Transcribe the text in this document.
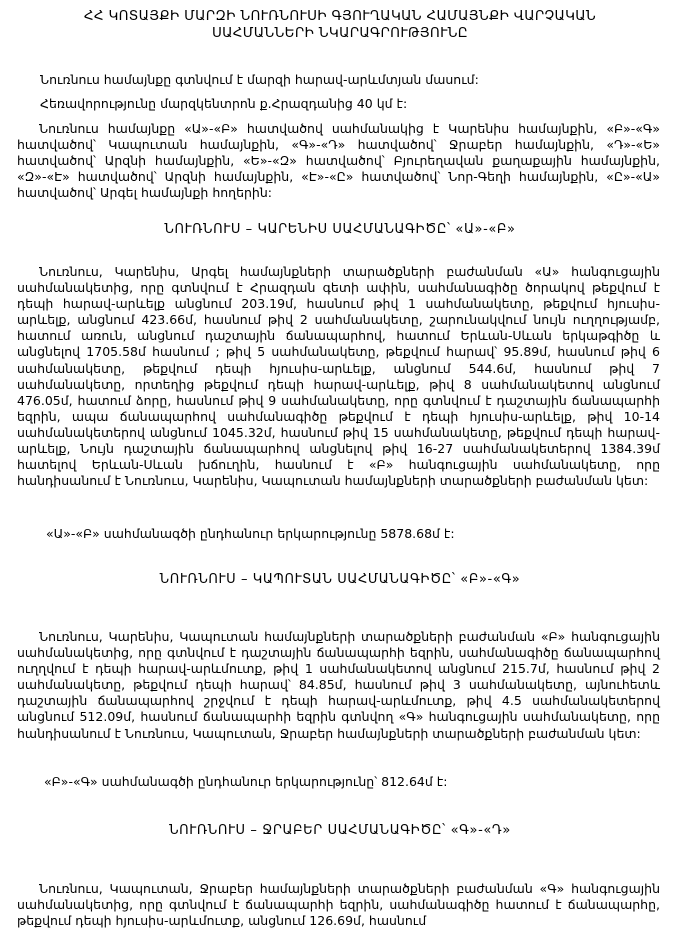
ՀՀ ԿՈՏԱՅՔԻ ՄԱՐԶԻ ՆՈՒՌՆՈՒՍԻ ԳՅՈՒՂԱԿԱՆ ՀԱՄԱՅՆՔԻ ՎԱՐՉԱԿԱՆ ՍԱՀՄԱՆՆԵՐԻ ՆԿԱՐԱԳՐՈՒԹՅՈՒՆԸ
Նուռնուս համայնքը գտնվում է մարզի հարավ-արևմտյան մասում:
Հեռավորությունը մարզկենտրոն ք.Հրազդանից 40 կմ է:
Նուռնուս համայնքը «Ա»-«Բ» հատվածով սահմանակից է Կարենիս համայնքին, «Բ»-«Գ» հատվածով՝ Կապուտան համայնքին, «Գ»-«Դ» հատվածով՝ Ջրաբեր համայնքին, «Դ»-«Ե» հատվածով՝ Արզնի համայնքին, «Ե»-«Զ» հատվածով՝ Բյուրեղավան քաղաքային համայնքին, «Զ»-«Է» հատվածով՝ Արզնի համայնքին, «Է»-«Ը» հատվածով՝ Նոր-Գեղի համայնքին, «Ը»-«Ա» հատվածով՝ Արգել համայնքի հողերին:
ՆՈՒՌՆՈՒՍ – ԿԱՐԵՆԻՍ ՍԱՀՄԱՆԱԳԻԾԸ՝ «Ա»-«Բ»
Նուռնուս, Կարենիս, Արգել համայնքների տարածքների բաժանման «Ա» հանգուցային սահմանակետից, որը գտնվում է Հրազդան գետի ափին, սահմանագիծը ծորակով թեքվում է դեպի հարավ-արևելք անցնում 203.19մ, հասնում թիվ 1 սահմանակետը, թեքվում հյուսիս-արևելք, անցնում 423.66մ, հասնում թիվ 2 սահմանակետը, շարունակվում նույն ուղղությամբ, հատում առուն, անցնում դաշտային ճանապարհով, հատում Երևան-Սևան երկաթգիծը և անցնելով 1705.58մ հասնում ; թիվ 5 սահմանակետը, թեքվում հարավ՝ 95.89մ, հասնում թիվ 6 սահմանակետը, թեքվում դեպի հյուսիս-արևելք, անցնում 544.6մ, հասնում թիվ 7 սահմանակետը, որտեղից թեքվում դեպի հարավ-արևելք, թիվ 8 սահմանակետով անցնում 476.05մ, հատում ձորը, հասնում թիվ 9 սահմանակետը, որը գտնվում է դաշտային ճանապարհի եզրին, ապա ճանապարհով սահմանագիծը թեքվում է դեպի հյուսիս-արևելք, թիվ 10-14 սահմանակետերով անցնում 1045.32մ, հասնում թիվ 15 սահմանակետը, թեքվում դեպի հարավ-արևելք, Նույն դաշտային ճանապարհով անցնելով թիվ 16-27 սահմանակետերով 1384.39մ հատելով Երևան-Սևան խճուղին, հասնում է «Բ» հանգուցային սահմանակետը, որը հանդիսանում է Նուռնուս, Կարենիս, Կապուտան համայնքների տարածքների բաժանման կետ:
«Ա»-«Բ» սահմանագծի ընդհանուր երկարությունը 5878.68մ է:
ՆՈՒՌՆՈՒՍ – ԿԱՊՈՒՏԱՆ ՍԱՀՄԱՆԱԳԻԾԸ՝ «Բ»-«Գ»
Նուռնուս, Կարենիս, Կապուտան համայնքների տարածքների բաժանման «Բ» հանգուցային սահմանակետից, որը գտնվում է դաշտային ճանապարհի եզրին, սահմանագիծը ճանապարհով ուղղվում է դեպի հարավ-արևմուտք, թիվ 1 սահմանակետով անցնում 215.7մ, հասնում թիվ 2 սահմանակետը, թեքվում դեպի հարավ՝ 84.85մ, հասնում թիվ 3 սահմանակետը, այնուհետև դաշտային ճանապարհով շրջվում է դեպի հարավ-արևմուտք, թիվ 4.5 սահմանակետերով անցնում 512.09մ, հասնում ճանապարհի եզրին գտնվող «Գ» հանգուցային սահմանակետը, որը հանդիսանում է Նուռնուս, Կապուտան, Ջրաբեր համայնքների տարածքների բաժանման կետ:
«Բ»-«Գ» սահմանագծի ընդհանուր երկարությունը՝ 812.64մ է:
ՆՈՒՌՆՈՒՍ – ՋՐԱԲԵՐ ՍԱՀՄԱՆԱԳԻԾԸ՝ «Գ»-«Դ»
Նուռնուս, Կապուտան, Ջրաբեր համայնքների տարածքների բաժանման «Գ» հանգուցային սահմանակետից, որը գտնվում է ճանապարհի եզրին, սահմանագիծը հատում է ճանապարհը, թեքվում դեպի հյուսիս-արևմուտք, անցնում 126.69մ, հասնում
